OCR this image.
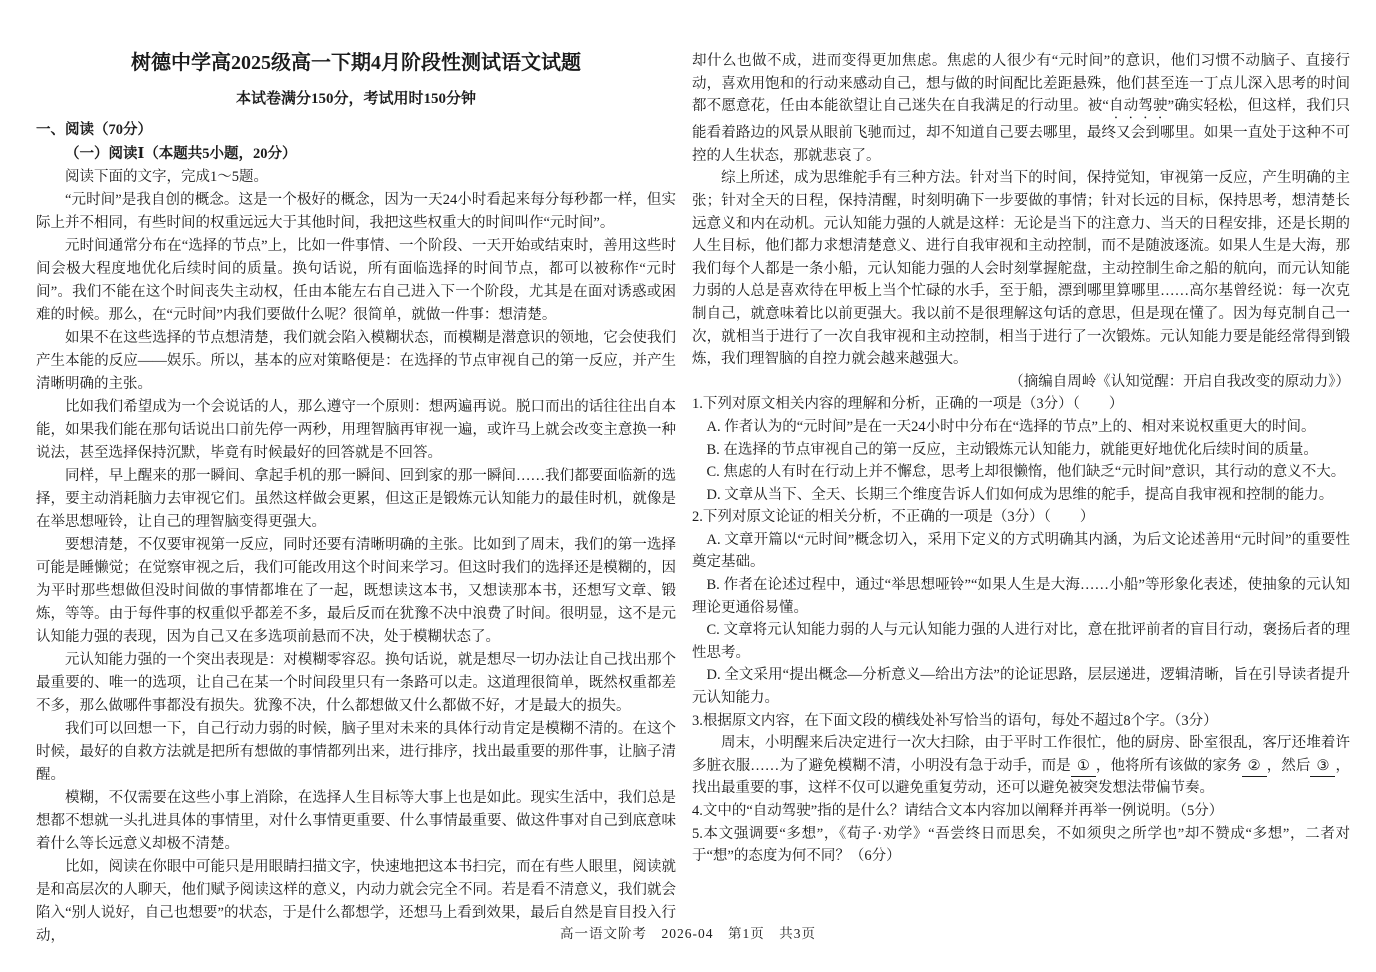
树德中学高2025级高一下期4月阶段性测试语文试题
本试卷满分150分，考试用时150分钟
一、阅读（70分）
（一）阅读Ⅰ（本题共5小题，20分）

阅读下面的文字，完成1～5题。

“元时间”是我自创的概念。这是一个极好的概念，因为一天24小时看起来每分每秒都一样，但实际上并不相同，有些时间的权重远远大于其他时间，我把这些权重大的时间叫作“元时间”。

元时间通常分布在“选择的节点”上，比如一件事情、一个阶段、一天开始或结束时，善用这些时间会极大程度地优化后续时间的质量。换句话说，所有面临选择的时间节点，都可以被称作“元时间”。我们不能在这个时间丧失主动权，任由本能左右自己进入下一个阶段，尤其是在面对诱惑或困难的时候。那么，在“元时间”内我们要做什么呢？很简单，就做一件事：想清楚。

如果不在这些选择的节点想清楚，我们就会陷入模糊状态，而模糊是潜意识的领地，它会使我们产生本能的反应——娱乐。所以，基本的应对策略便是：在选择的节点审视自己的第一反应，并产生清晰明确的主张。

比如我们希望成为一个会说话的人，那么遵守一个原则：想两遍再说。脱口而出的话往往出自本能，如果我们能在那句话说出口前先停一两秒，用理智脑再审视一遍，或许马上就会改变主意换一种说法，甚至选择保持沉默，毕竟有时候最好的回答就是不回答。

同样，早上醒来的那一瞬间、拿起手机的那一瞬间、回到家的那一瞬间……我们都要面临新的选择，要主动消耗脑力去审视它们。虽然这样做会更累，但这正是锻炼元认知能力的最佳时机，就像是在举思想哑铃，让自己的理智脑变得更强大。

要想清楚，不仅要审视第一反应，同时还要有清晰明确的主张。比如到了周末，我们的第一选择可能是睡懒觉；在觉察审视之后，我们可能改用这个时间来学习。但这时我们的选择还是模糊的，因为平时那些想做但没时间做的事情都堆在了一起，既想读这本书，又想读那本书，还想写文章、锻炼，等等。由于每件事的权重似乎都差不多，最后反而在犹豫不决中浪费了时间。很明显，这不是元认知能力强的表现，因为自己又在多选项前悬而不决，处于模糊状态了。

元认知能力强的一个突出表现是：对模糊零容忍。换句话说，就是想尽一切办法让自己找出那个最重要的、唯一的选项，让自己在某一个时间段里只有一条路可以走。这道理很简单，既然权重都差不多，那么做哪件事都没有损失。犹豫不决，什么都想做又什么都做不好，才是最大的损失。

我们可以回想一下，自己行动力弱的时候，脑子里对未来的具体行动肯定是模糊不清的。在这个时候，最好的自救方法就是把所有想做的事情都列出来，进行排序，找出最重要的那件事，让脑子清醒。

模糊，不仅需要在这些小事上消除，在选择人生目标等大事上也是如此。现实生活中，我们总是想都不想就一头扎进具体的事情里，对什么事情更重要、什么事情最重要、做这件事对自己到底意味着什么等长远意义却极不清楚。

比如，阅读在你眼中可能只是用眼睛扫描文字，快速地把这本书扫完，而在有些人眼里，阅读就是和高层次的人聊天，他们赋予阅读这样的意义，内动力就会完全不同。若是看不清意义，我们就会陷入“别人说好，自己也想要”的状态，于是什么都想学，还想马上看到效果，最后自然是盲目投入行动，

却什么也做不成，进而变得更加焦虑。焦虑的人很少有“元时间”的意识，他们习惯不动脑子、直接行动，喜欢用饱和的行动来感动自己，想与做的时间配比差距悬殊，他们甚至连一丁点儿深入思考的时间都不愿意花，任由本能欲望让自己迷失在自我满足的行动里。被“自动驾驶”确实轻松，但这样，我们只能看着路边的风景从眼前飞驰而过，却不知道自己要去哪里，最终又会到哪里。如果一直处于这种不可控的人生状态，那就悲哀了。

综上所述，成为思维舵手有三种方法。针对当下的时间，保持觉知，审视第一反应，产生明确的主张；针对全天的日程，保持清醒，时刻明确下一步要做的事情；针对长远的目标，保持思考，想清楚长远意义和内在动机。元认知能力强的人就是这样：无论是当下的注意力、当天的日程安排，还是长期的人生目标，他们都力求想清楚意义、进行自我审视和主动控制，而不是随波逐流。如果人生是大海，那我们每个人都是一条小船，元认知能力强的人会时刻掌握舵盘，主动控制生命之船的航向，而元认知能力弱的人总是喜欢待在甲板上当个忙碌的水手，至于船，漂到哪里算哪里……高尔基曾经说：每一次克制自己，就意味着比以前更强大。我以前不是很理解这句话的意思，但是现在懂了。因为每克制自己一次，就相当于进行了一次自我审视和主动控制，相当于进行了一次锻炼。元认知能力要是能经常得到锻炼，我们理智脑的自控力就会越来越强大。

（摘编自周岭《认知觉醒：开启自我改变的原动力》）

1.下列对原文相关内容的理解和分析，正确的一项是（3分）（　　）

A. 作者认为的“元时间”是在一天24小时中分布在“选择的节点”上的、相对来说权重更大的时间。

B. 在选择的节点审视自己的第一反应，主动锻炼元认知能力，就能更好地优化后续时间的质量。

C. 焦虑的人有时在行动上并不懈怠，思考上却很懒惰，他们缺乏“元时间”意识，其行动的意义不大。

D. 文章从当下、全天、长期三个维度告诉人们如何成为思维的舵手，提高自我审视和控制的能力。

2.下列对原文论证的相关分析，不正确的一项是（3分）（　　）

A. 文章开篇以“元时间”概念切入，采用下定义的方式明确其内涵，为后文论述善用“元时间”的重要性奠定基础。

B. 作者在论述过程中，通过“举思想哑铃”“如果人生是大海……小船”等形象化表述，使抽象的元认知理论更通俗易懂。

C. 文章将元认知能力弱的人与元认知能力强的人进行对比，意在批评前者的盲目行动，褒扬后者的理性思考。

D. 全文采用“提出概念—分析意义—给出方法”的论证思路，层层递进，逻辑清晰，旨在引导读者提升元认知能力。

3.根据原文内容，在下面文段的横线处补写恰当的语句，每处不超过8个字。（3分）

周末，小明醒来后决定进行一次大扫除，由于平时工作很忙，他的厨房、卧室很乱，客厅还堆着许多脏衣服……为了避免模糊不清，小明没有急于动手，而是 ① ，他将所有该做的家务 ② ，然后 ③ ，找出最重要的事，这样不仅可以避免重复劳动，还可以避免被突发想法带偏节奏。

4.文中的“自动驾驶”指的是什么？请结合文本内容加以阐释并再举一例说明。（5分）

5.本文强调要“多想”，《荀子·劝学》“吾尝终日而思矣，不如须臾之所学也”却不赞成“多想”，二者对于“想”的态度为何不同？（6分）

高一语文阶考　2026-04　第1页　共3页
